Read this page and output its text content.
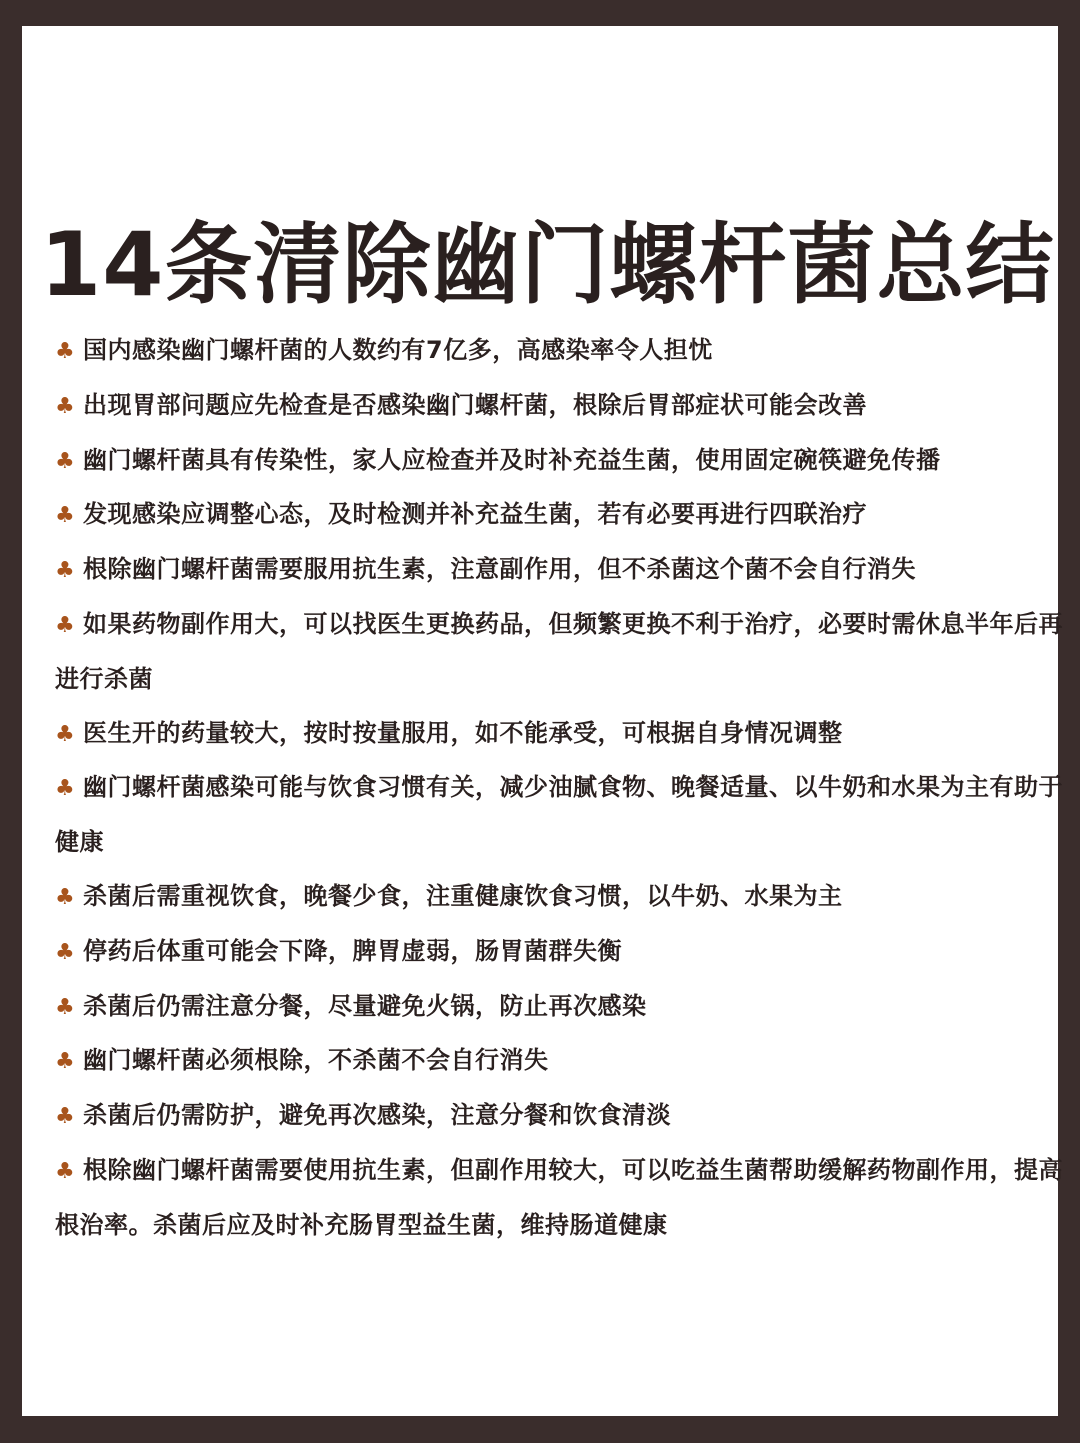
14条清除幽门螺杆菌总结
♣ 国内感染幽门螺杆菌的人数约有7亿多，高感染率令人担忧
♣ 出现胃部问题应先检查是否感染幽门螺杆菌，根除后胃部症状可能会改善
♣ 幽门螺杆菌具有传染性，家人应检查并及时补充益生菌，使用固定碗筷避免传播
♣ 发现感染应调整心态，及时检测并补充益生菌，若有必要再进行四联治疗
♣ 根除幽门螺杆菌需要服用抗生素，注意副作用，但不杀菌这个菌不会自行消失
♣ 如果药物副作用大，可以找医生更换药品，但频繁更换不利于治疗，必要时需休息半年后再进行杀菌
♣ 医生开的药量较大，按时按量服用，如不能承受，可根据自身情况调整
♣ 幽门螺杆菌感染可能与饮食习惯有关，减少油腻食物、晚餐适量、以牛奶和水果为主有助于健康
♣ 杀菌后需重视饮食，晚餐少食，注重健康饮食习惯，以牛奶、水果为主
♣ 停药后体重可能会下降，脾胃虚弱，肠胃菌群失衡
♣ 杀菌后仍需注意分餐，尽量避免火锅，防止再次感染
♣ 幽门螺杆菌必须根除，不杀菌不会自行消失
♣ 杀菌后仍需防护，避免再次感染，注意分餐和饮食清淡
♣ 根除幽门螺杆菌需要使用抗生素，但副作用较大，可以吃益生菌帮助缓解药物副作用，提高根治率。杀菌后应及时补充肠胃型益生菌，维持肠道健康
